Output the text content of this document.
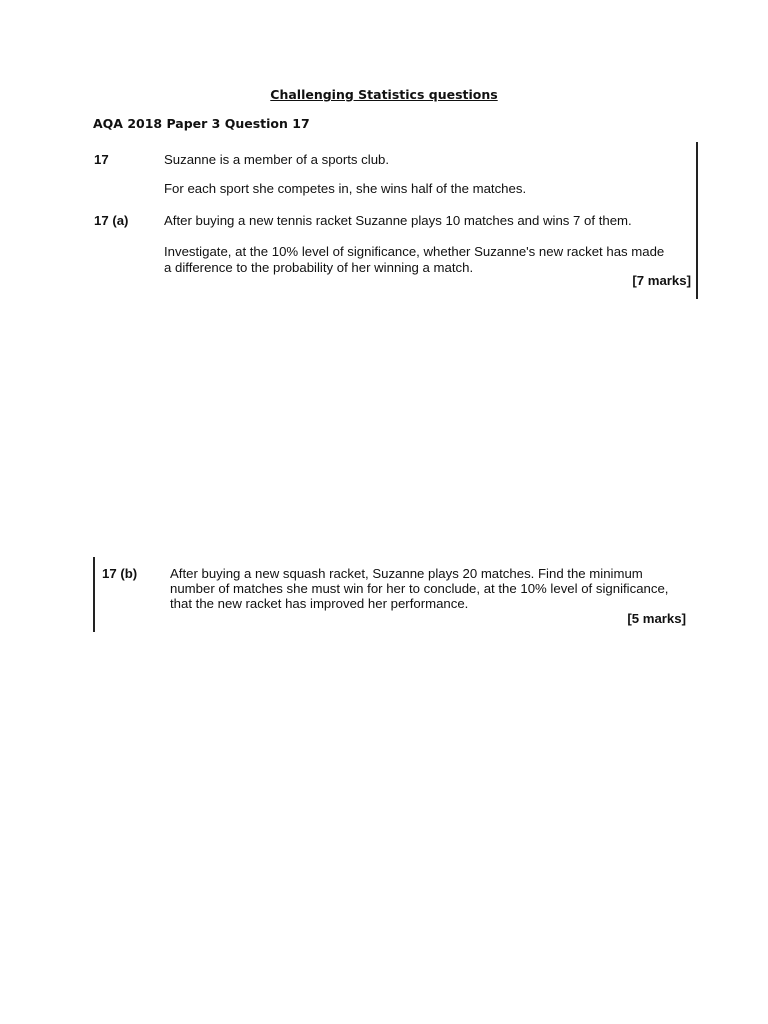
Challenging Statistics questions
AQA 2018 Paper 3 Question 17
17	Suzanne is a member of a sports club.
For each sport she competes in, she wins half of the matches.
17 (a)	After buying a new tennis racket Suzanne plays 10 matches and wins 7 of them.
Investigate, at the 10% level of significance, whether Suzanne's new racket has made
a difference to the probability of her winning a match.
[7 marks]
17 (b) After buying a new squash racket, Suzanne plays 20 matches. Find the minimum
number of matches she must win for her to conclude, at the 10% level of significance,
that the new racket has improved her performance.
[5 marks]
